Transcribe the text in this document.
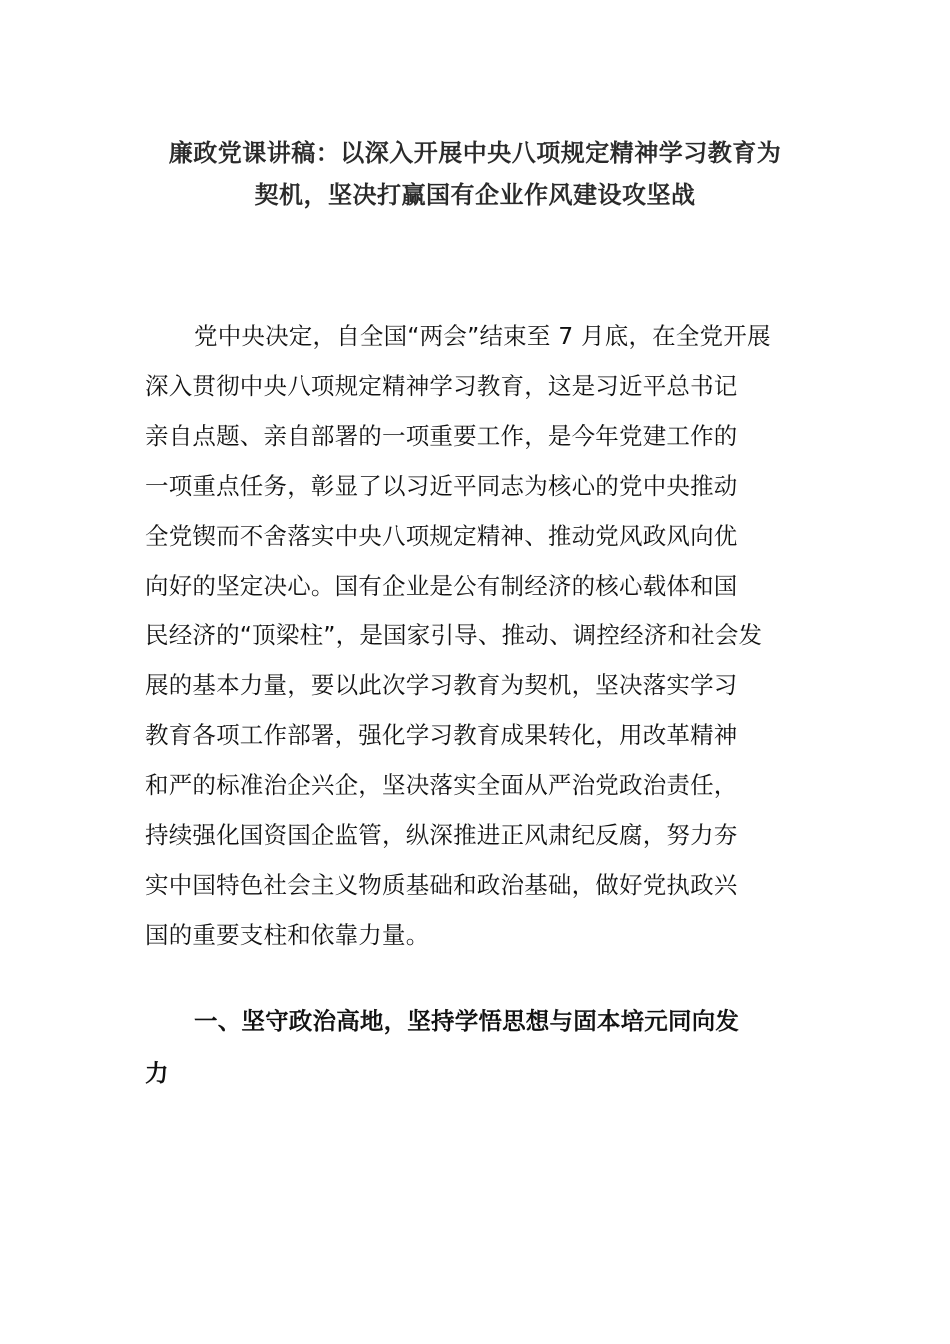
廉政党课讲稿：以深入开展中央八项规定精神学习教育为
契机，坚决打赢国有企业作风建设攻坚战
党中央决定，自全国“两会”结束至 7 月底，在全党开展
深入贯彻中央八项规定精神学习教育，这是习近平总书记
亲自点题、亲自部署的一项重要工作，是今年党建工作的
一项重点任务，彰显了以习近平同志为核心的党中央推动
全党锲而不舍落实中央八项规定精神、推动党风政风向优
向好的坚定决心。国有企业是公有制经济的核心载体和国
民经济的“顶梁柱”，是国家引导、推动、调控经济和社会发
展的基本力量，要以此次学习教育为契机，坚决落实学习
教育各项工作部署，强化学习教育成果转化，用改革精神
和严的标准治企兴企，坚决落实全面从严治党政治责任，
持续强化国资国企监管，纵深推进正风肃纪反腐，努力夯
实中国特色社会主义物质基础和政治基础，做好党执政兴
国的重要支柱和依靠力量。
一、坚守政治高地，坚持学悟思想与固本培元同向发
力
